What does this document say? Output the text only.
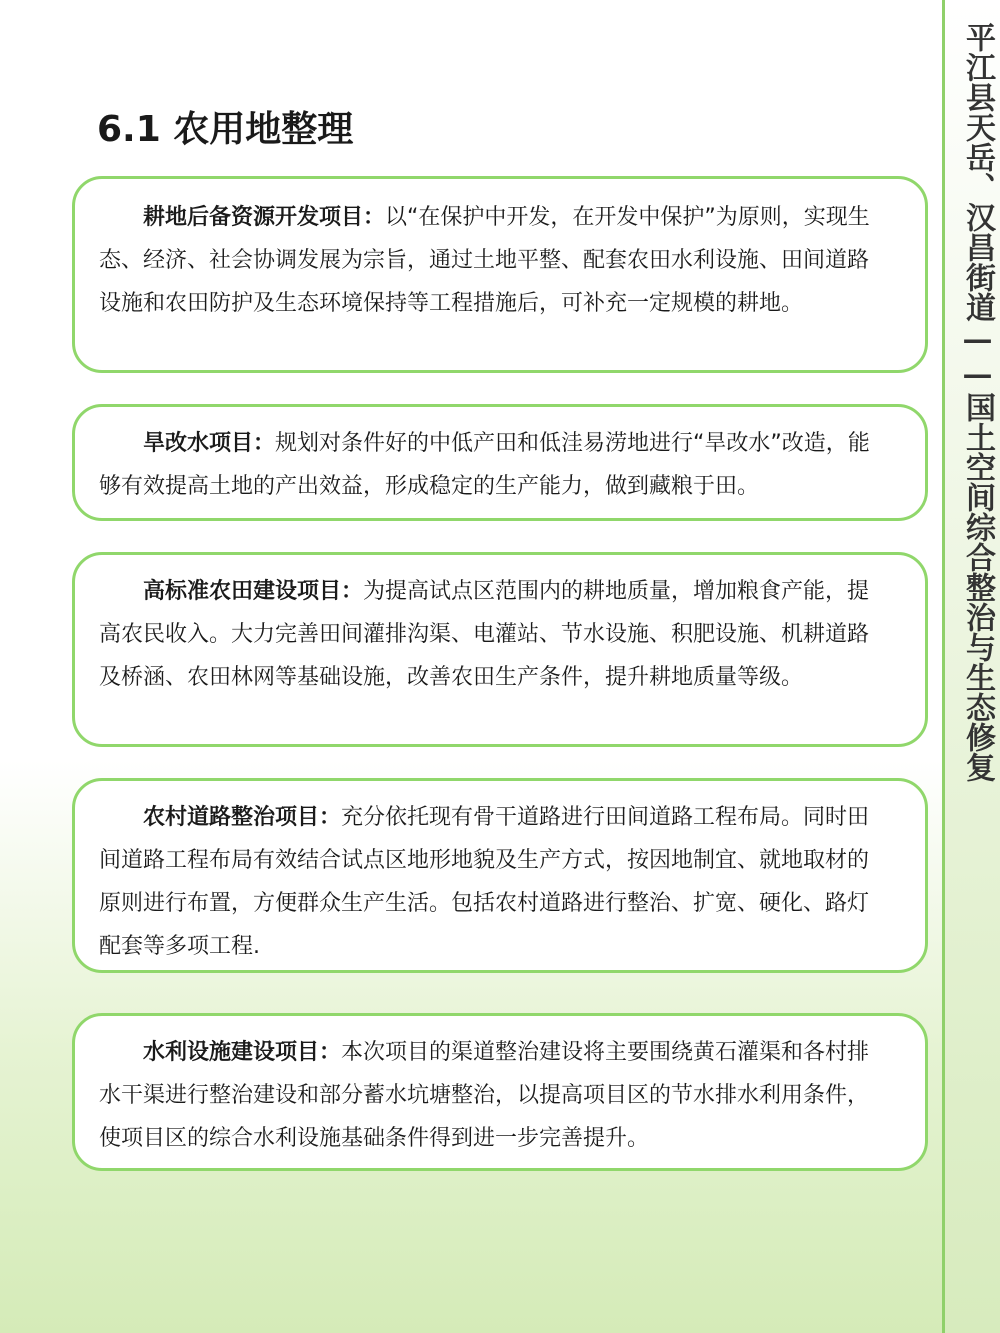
平江县天岳、汉昌街道——国土空间综合整治与生态修复
6.1 农用地整理

耕地后备资源开发项目：以“在保护中开发，在开发中保护”为原则，实现生态、经济、社会协调发展为宗旨，通过土地平整、配套农田水利设施、田间道路设施和农田防护及生态环境保持等工程措施后，可补充一定规模的耕地。

旱改水项目：规划对条件好的中低产田和低洼易涝地进行“旱改水”改造，能够有效提高土地的产出效益，形成稳定的生产能力，做到藏粮于田。

高标准农田建设项目：为提高试点区范围内的耕地质量，增加粮食产能，提高农民收入。大力完善田间灌排沟渠、电灌站、节水设施、积肥设施、机耕道路及桥涵、农田林网等基础设施，改善农田生产条件，提升耕地质量等级。

农村道路整治项目：充分依托现有骨干道路进行田间道路工程布局。同时田间道路工程布局有效结合试点区地形地貌及生产方式，按因地制宜、就地取材的原则进行布置，方便群众生产生活。包括农村道路进行整治、扩宽、硬化、路灯配套等多项工程.

水利设施建设项目：本次项目的渠道整治建设将主要围绕黄石灌渠和各村排水干渠进行整治建设和部分蓄水坑塘整治，以提高项目区的节水排水利用条件，使项目区的综合水利设施基础条件得到进一步完善提升。
